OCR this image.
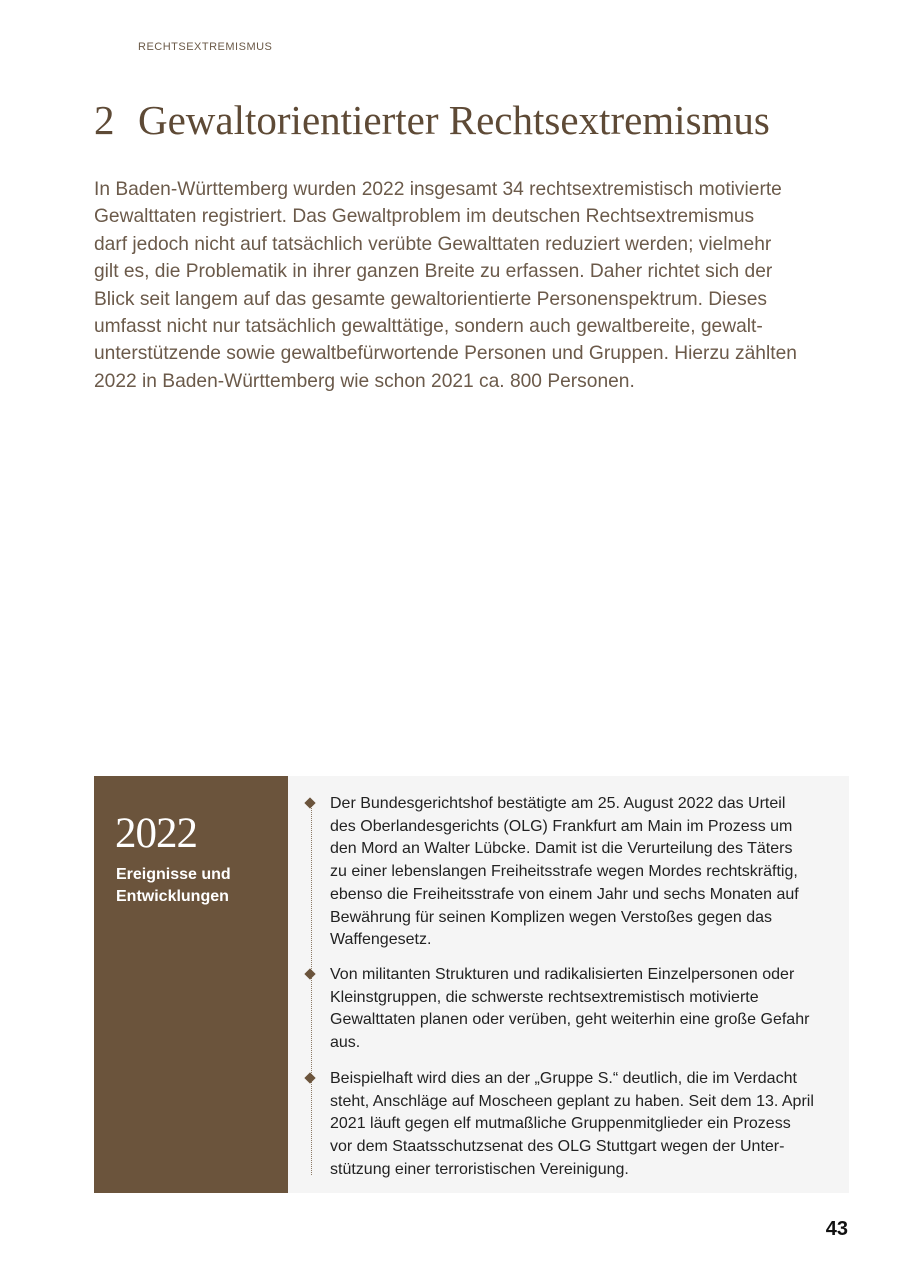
RECHTSEXTREMISMUS
2 Gewaltorientierter Rechtsextremismus

In Baden-Württemberg wurden 2022 insgesamt 34 rechtsextremistisch motivierte
Gewalttaten registriert. Das Gewaltproblem im deutschen Rechtsextremismus
darf jedoch nicht auf tatsächlich verübte Gewalttaten reduziert werden; vielmehr
gilt es, die Problematik in ihrer ganzen Breite zu erfassen. Daher richtet sich der
Blick seit langem auf das gesamte gewaltorientierte Personenspektrum. Dieses
umfasst nicht nur tatsächlich gewalttätige, sondern auch gewaltbereite, gewalt-
unterstützende sowie gewaltbefürwortende Personen und Gruppen. Hierzu zählten
2022 in Baden-Württemberg wie schon 2021 ca. 800 Personen.

2022
Ereignisse und Entwicklungen

Der Bundesgerichtshof bestätigte am 25. August 2022 das Urteil
des Oberlandesgerichts (OLG) Frankfurt am Main im Prozess um
den Mord an Walter Lübcke. Damit ist die Verurteilung des Täters
zu einer lebenslangen Freiheitsstrafe wegen Mordes rechtskräftig,
ebenso die Freiheitsstrafe von einem Jahr und sechs Monaten auf
Bewährung für seinen Komplizen wegen Verstoßes gegen das
Waffengesetz.

Von militanten Strukturen und radikalisierten Einzelpersonen oder
Kleinstgruppen, die schwerste rechtsextremistisch motivierte
Gewalttaten planen oder verüben, geht weiterhin eine große Gefahr
aus.

Beispielhaft wird dies an der „Gruppe S.“ deutlich, die im Verdacht
steht, Anschläge auf Moscheen geplant zu haben. Seit dem 13. April
2021 läuft gegen elf mutmaßliche Gruppenmitglieder ein Prozess
vor dem Staatsschutzsenat des OLG Stuttgart wegen der Unter-
stützung einer terroristischen Vereinigung.

43
